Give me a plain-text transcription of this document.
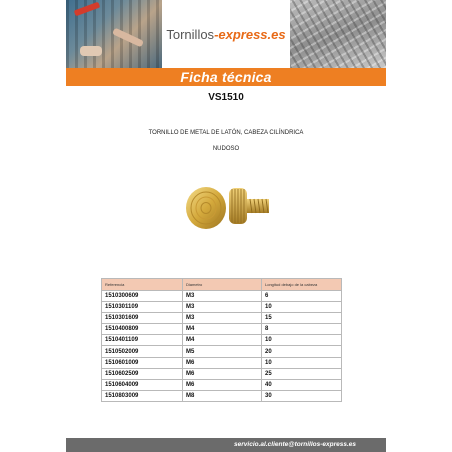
Tornillos-express.es
Ficha técnica
VS1510
TORNILLO DE METAL DE LATÓN, CABEZA CILÍNDRICA
NUDOSO
Referencia	Diametro	Longitud debajo de la cabeza
1510300609	M3	6
1510301109	M3	10
1510301609	M3	15
1510400809	M4	8
1510401109	M4	10
1510502009	M5	20
1510601009	M6	10
1510602509	M6	25
1510604009	M6	40
1510803009	M8	30
servicio.al.cliente@tornillos-express.es
